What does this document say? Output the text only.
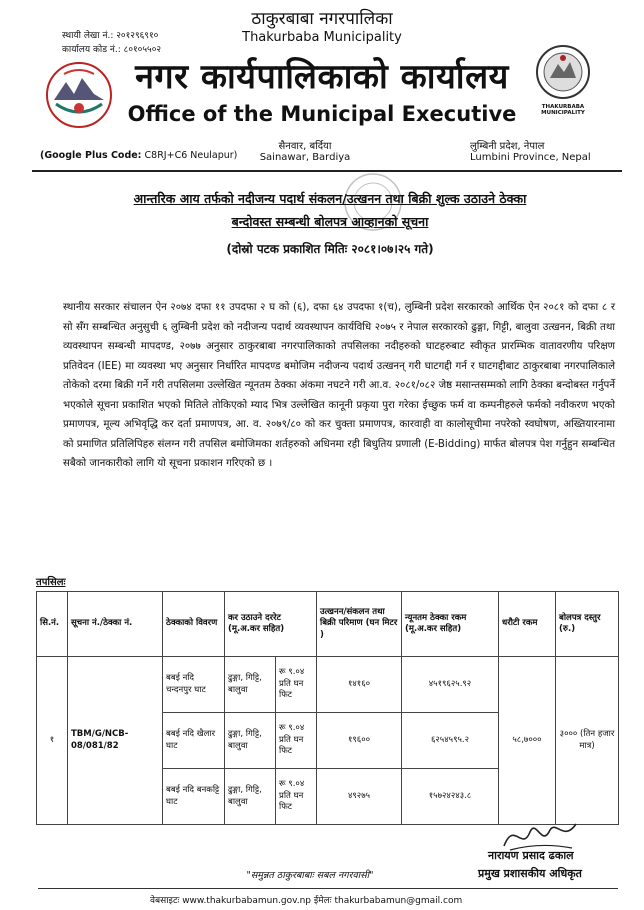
स्थायी लेखा नं.: २०१२९६९१०
कार्यालय कोड नं.: ८०१०५५०२
THAKURBABA MUNICIPALITY
ठाकुरबाबा नगरपालिका
Thakurbaba Municipality
नगर कार्यपालिकाको कार्यालय
Office of the Municipal Executive
(Google Plus Code: C8RJ+C6 Neulapur)
सैनवार, बर्दिया
Sainawar, Bardiya
लुम्बिनी प्रदेश, नेपाल
Lumbini Province, Nepal
आन्तरिक आय तर्फको नदीजन्य पदार्थ संकलन/उत्खनन तथा बिक्री शुल्क उठाउने ठेक्का
बन्दोवस्त सम्बन्धी बोलपत्र आव्हानको सूचना
(दोस्रो पटक प्रकाशित मितिः २०८१।०७।२५ गते)
स्थानीय सरकार संचालन ऐन २०७४ दफा ११ उपदफा २ घ को (६), दफा ६४ उपदफा १(च), लुम्बिनी प्रदेश सरकारको आर्थिक ऐन २०८१ को दफा ८ र सो सँग सम्बन्धित अनुसुची ६ लुम्बिनी प्रदेश को नदीजन्य पदार्थ व्यवस्थापन कार्यविधि २०७५ र नेपाल सरकारको ढुङ्गा, गिट्टी, बालुवा उत्खनन, बिक्री तथा व्यवस्थापन सम्बन्धी मापदण्ड, २०७७ अनुसार ठाकुरबाबा नगरपालिकाको तपसिलका नदीहरुको घाटहरुबाट स्वीकृत प्रारम्भिक वातावरणीय परिक्षण प्रतिवेदन (IEE) मा व्यवस्था भए अनुसार निर्धारित मापदण्ड बमोजिम नदीजन्य पदार्थ उत्खनन् गरी घाटगद्दी गर्न र घाटगद्दीबाट ठाकुरबाबा नगरपालिकाले तोकेको दरमा बिक्री गर्ने गरी तपसिलमा उल्लेखित न्यूनतम ठेक्का अंकमा नघटने गरी आ.व. २०८१/०८२ जेष्ठ मसान्तसम्मको लागि ठेक्का बन्दोबस्त गर्नुपर्ने भएकोले सूचना प्रकाशित भएको मितिले तोकिएको म्याद भित्र उल्लेखित कानूनी प्रकृया पुरा गरेका ईच्छुक फर्म वा कम्पनीहरुले फर्मको नवीकरण भएको प्रमाणपत्र, मूल्य अभिवृद्धि कर दर्ता प्रमाणपत्र, आ. व. २०७९/८० को कर चुक्ता प्रमाणपत्र, कारवाही वा कालोसूचीमा नपरेको स्वघोषण, अख्तियारनामा को प्रमाणित प्रतिलिपिहरु संलग्न गरी तपसिल बमोजिमका शर्तहरुको अधिनमा रही बिधुतिय प्रणाली (E-Bidding) मार्फत बोलपत्र पेश गर्नुहुन सम्बन्धित सबैको जानकारीको लागि यो सूचना प्रकाशन गरिएको छ ।
तपसिलः
सि.नं.	सूचना नं./ठेक्का नं.	ठेक्काको विवरण	कर उठाउने दररेट (मू.अ.कर सहित)		उत्खनन/संकलन तथा बिक्री परिमाण (घन मिटर )	न्यूनतम ठेक्का रकम (मू.अ.कर सहित)	धरौटी रकम	बोलपत्र दस्तुर (रु.)
१	TBM/G/NCB-08/081/82	बबई नदि चन्दनपुर घाट	ढुङ्गा, गिट्टि, बालुवा	रू ९.०४ प्रति घन फिट	१४१६०	४५१९६२५.९२	५८,७०००	३००० (तिन हजार मात्र)
		बबई नदि खैलार घाट	ढुङ्गा, गिट्टि, बालुवा	रू ९.०४ प्रति घन फिट	१९६००	६२५४५९५.२		
		बबई नदि बनकट्टि घाट	ढुङ्गा, गिट्टि, बालुवा	रू ९.०४ प्रति घन फिट	४९२७५	१५७२४२४३.८		
नारायण प्रसाद ढकाल
प्रमुख प्रशासकीय अधिकृत
"समुन्नत ठाकुरबाबाः सबल नगरवासी"
वेबसाइटः www.thakurbabamun.gov.np ईमेलः thakurbabamun@gmail.com
